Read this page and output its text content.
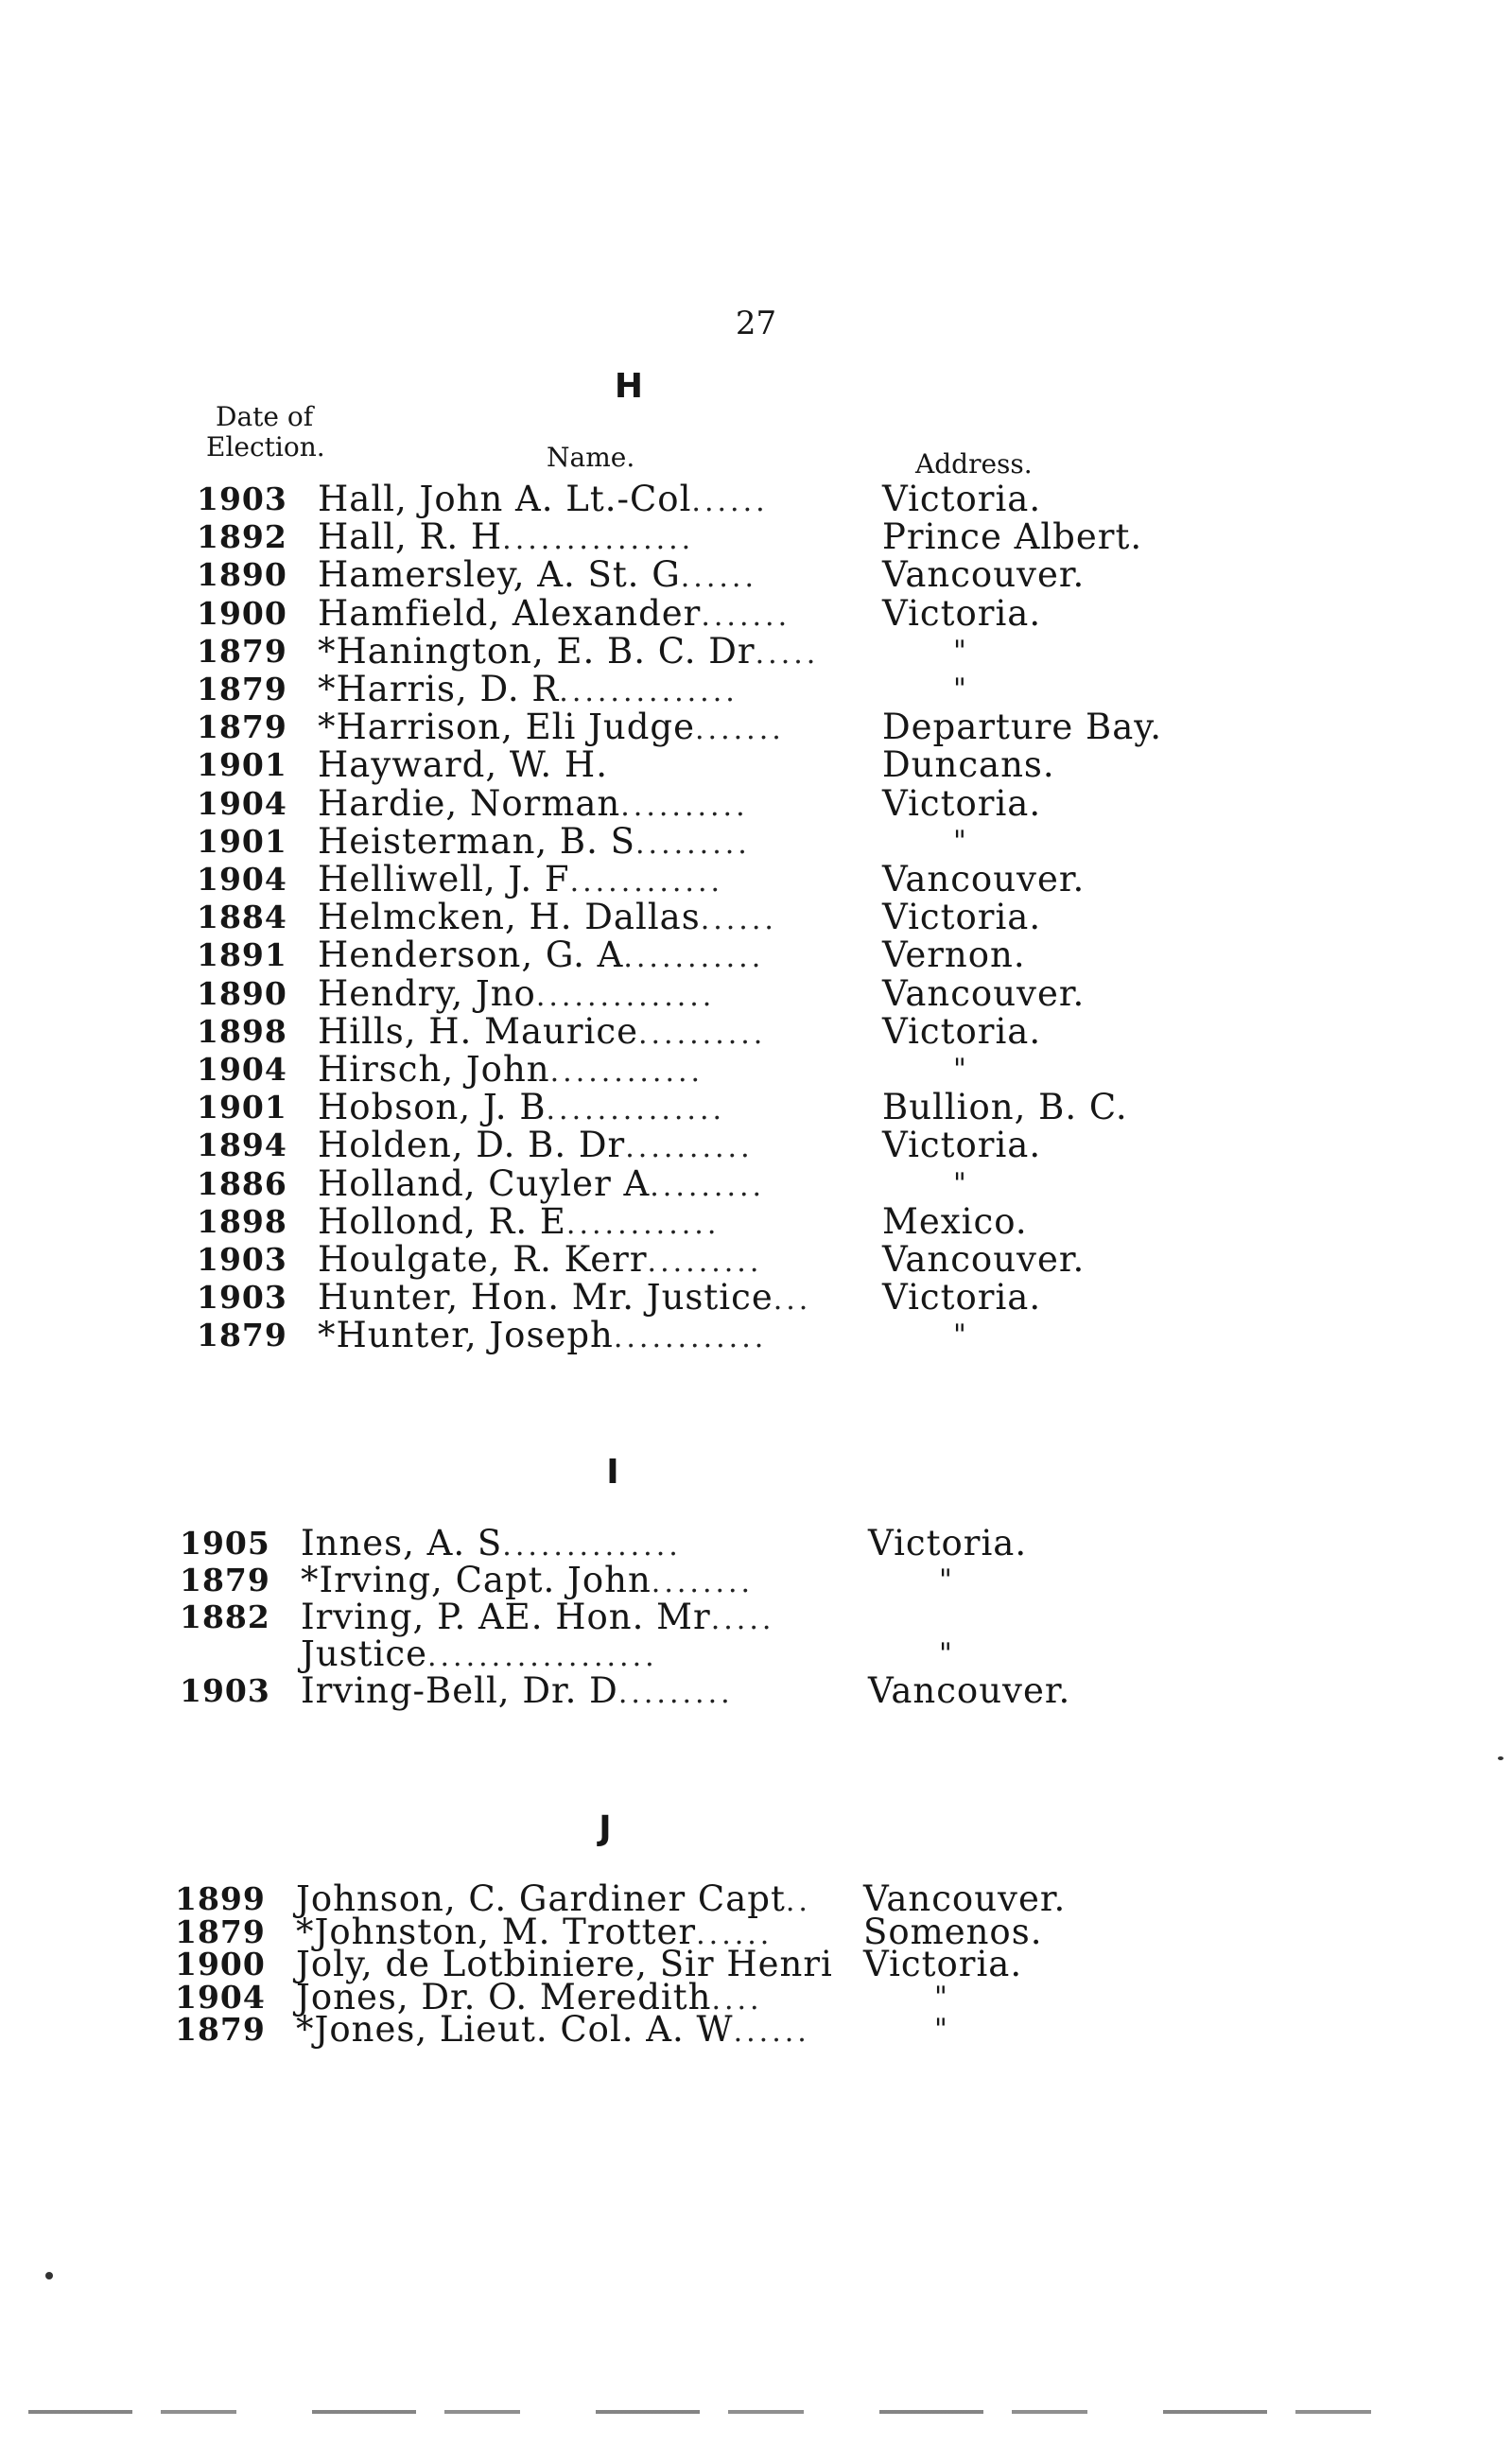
27
Date of
Election.	Name.	Address.
H
1903 Hall, John A. Lt.-Col......	Victoria.
1892 Hall, R. H...............	Prince Albert.
1890 Hamersley, A. St. G......	Vancouver.
1900 Hamfield, Alexander.......	Victoria.
1879 *Hanington, E. B. C. Dr.....	"
1879 *Harris, D. R..............	"
1879 *Harrison, Eli Judge.......	Departure Bay.
1901 Hayward, W. H.	Duncans.
1904 Hardie, Norman..........	Victoria.
1901 Heisterman, B. S.........	"
1904 Helliwell, J. F............	Vancouver.
1884 Helmcken, H. Dallas......	Victoria.
1891 Henderson, G. A...........	Vernon.
1890 Hendry, Jno..............	Vancouver.
1898 Hills, H. Maurice..........	Victoria.
1904 Hirsch, John............	"
1901 Hobson, J. B..............	Bullion, B. C.
1894 Holden, D. B. Dr..........	Victoria.
1886 Holland, Cuyler A.........	"
1898 Hollond, R. E............	Mexico.
1903 Houlgate, R. Kerr.........	Vancouver.
1903 Hunter, Hon. Mr. Justice... Victoria.
1879 *Hunter, Joseph............	"
I
1905 Innes, A. S..............	Victoria.
1879 *Irving, Capt. John........	"
1882 Irving, P. AE. Hon. Mr.....
Justice..................	"
1903 Irving-Bell, Dr. D.........	Vancouver.
J
1899 Johnson, C. Gardiner Capt.. Vancouver.
1879 *Johnston, M. Trotter......	Somenos.
1900 Joly, de Lotbiniere, Sir Henri Victoria.
1904 Jones, Dr. O. Meredith....	"
1879 *Jones, Lieut. Col. A. W......	"
